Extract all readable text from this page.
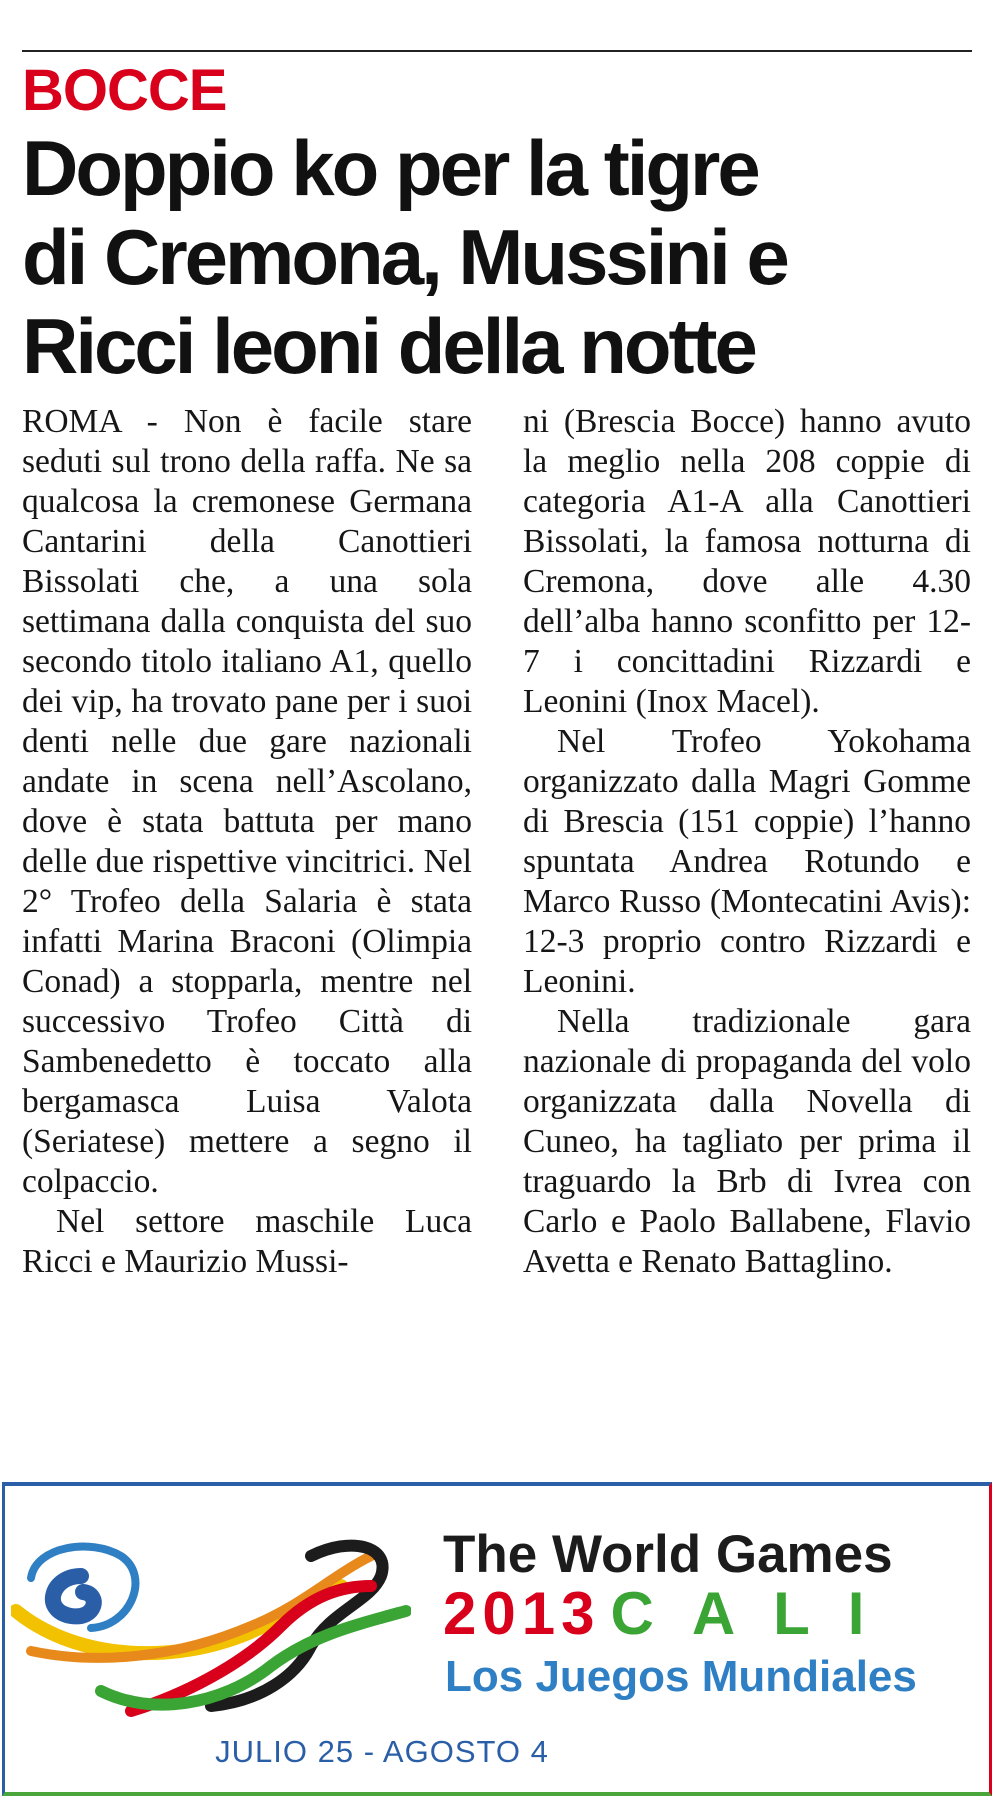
BOCCE
Doppio ko per la tigre
di Cremona, Mussini e
Ricci leoni della notte

ROMA - Non è facile stare seduti sul trono della raffa. Ne sa qualcosa la cremonese Germana Cantarini della Canottieri Bissolati che, a una sola settimana dalla conquista del suo secondo titolo italiano A1, quello dei vip, ha trovato pane per i suoi denti nelle due gare nazionali andate in scena nell’Ascolano, dove è stata battuta per mano delle due rispettive vincitrici. Nel 2° Trofeo della Salaria è stata infatti Marina Braconi (Olimpia Conad) a stopparla, mentre nel successivo Trofeo Città di Sambenedetto è toccato alla bergamasca Luisa Valota (Seriatese) mettere a segno il colpaccio.

Nel settore maschile Luca Ricci e Maurizio Mussi-

ni (Brescia Bocce) hanno avuto la meglio nella 208 coppie di categoria A1-A alla Canottieri Bissolati, la famosa notturna di Cremona, dove alle 4.30 dell’alba hanno sconfitto per 12-7 i concittadini Rizzardi e Leonini (Inox Macel).

Nel Trofeo Yokohama organizzato dalla Magri Gomme di Brescia (151 coppie) l’hanno spuntata Andrea Rotundo e Marco Russo (Montecatini Avis): 12-3 proprio contro Rizzardi e Leonini.

Nella tradizionale gara nazionale di propaganda del volo organizzata dalla Novella di Cuneo, ha tagliato per prima il traguardo la Brb di Ivrea con Carlo e Paolo Ballabene, Flavio Avetta e Renato Battaglino.

The World Games

2013 CALI

Los Juegos Mundiales

JULIO 25 - AGOSTO 4
